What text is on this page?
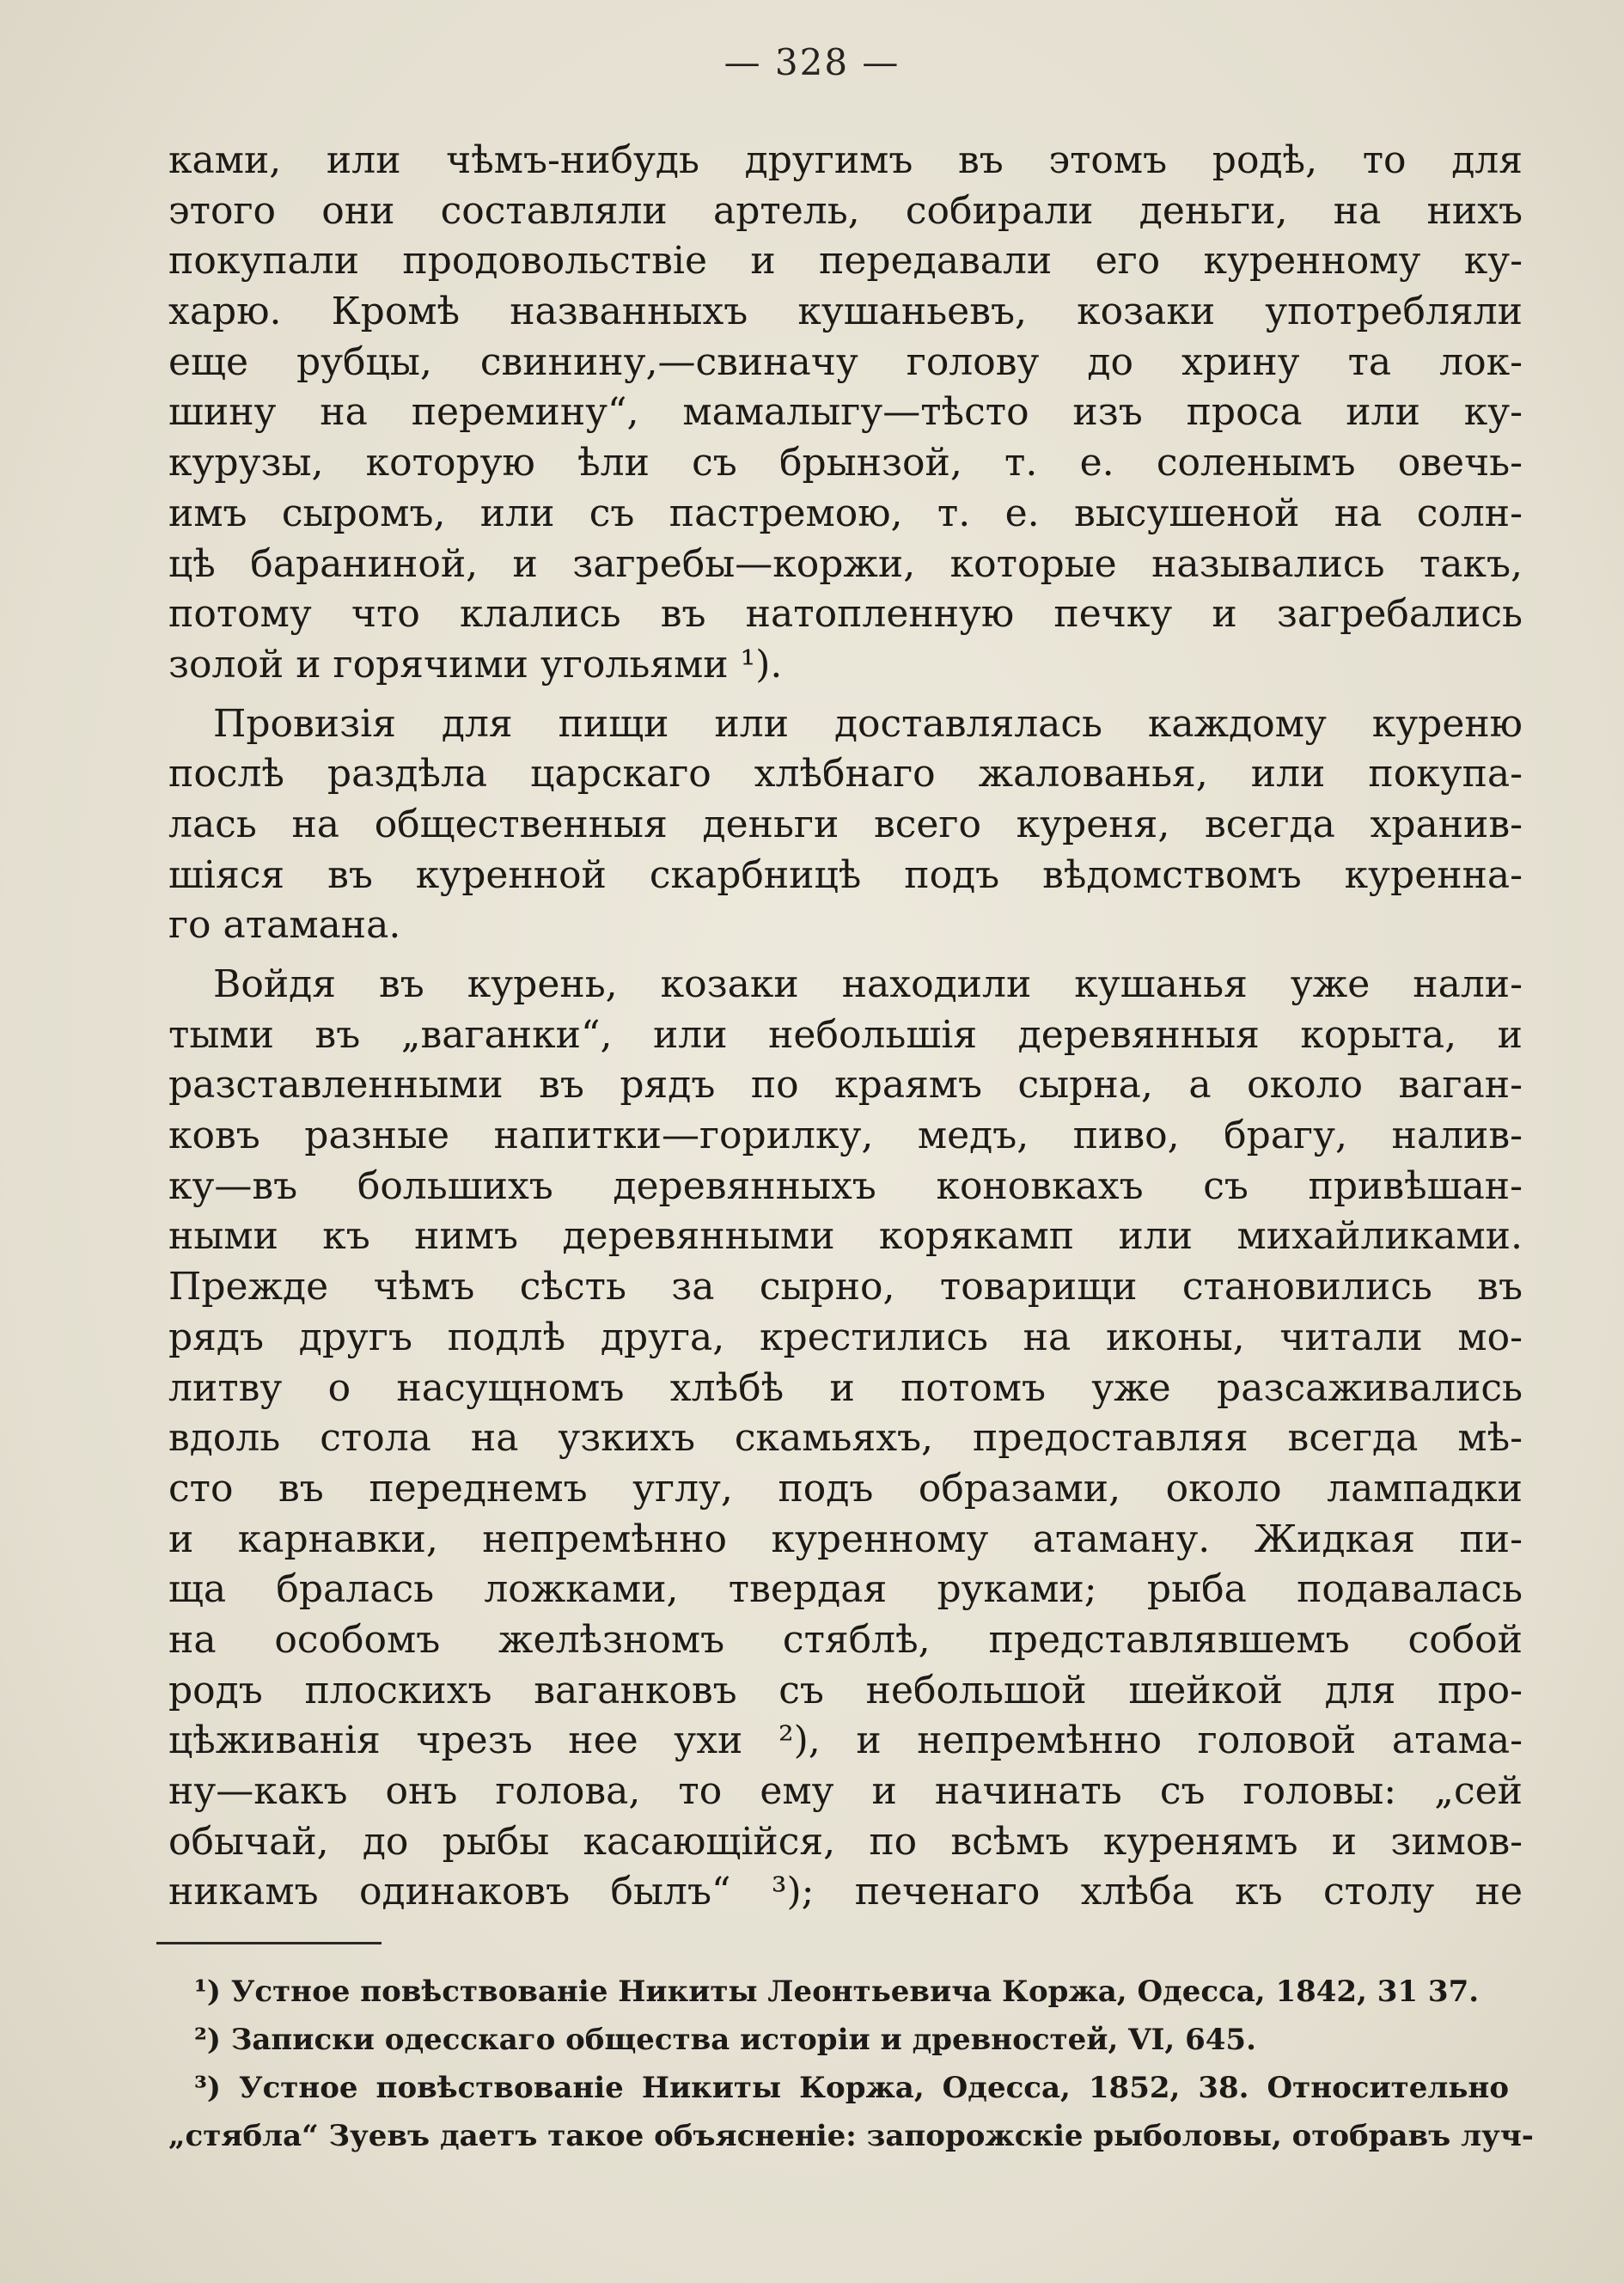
— 328 —
ками, или чѣмъ-нибудь другимъ въ этомъ родѣ, то для
этого они составляли артель, собирали деньги, на нихъ
покупали продовольствіе и передавали его куренному ку-
харю. Кромѣ названныхъ кушаньевъ, козаки употребляли
еще рубцы, свинину,—свиначу голову до хрину та лок-
шину на перемину“, мамалыгу—тѣсто изъ проса или ку-
курузы, которую ѣли съ брынзой, т. е. соленымъ овечь-
имъ сыромъ, или съ пастремою, т. е. высушеной на солн-
цѣ бараниной, и загребы—коржи, которые назывались такъ,
потому что клались въ натопленную печку и загребались
золой и горячими угольями ¹).
Провизія для пищи или доставлялась каждому куреню
послѣ раздѣла царскаго хлѣбнаго жалованья, или покупа-
лась на общественныя деньги всего куреня, всегда хранив-
шіяся въ куренной скарбницѣ подъ вѣдомствомъ куренна-
го атамана.
Войдя въ курень, козаки находили кушанья уже нали-
тыми въ „ваганки“, или небольшія деревянныя корыта, и
разставленными въ рядъ по краямъ сырна, а около ваган-
ковъ разные напитки—горилку, медъ, пиво, брагу, налив-
ку—въ большихъ деревянныхъ коновкахъ съ привѣшан-
ными къ нимъ деревянными корякамп или михайликами.
Прежде чѣмъ сѣсть за сырно, товарищи становились въ
рядъ другъ подлѣ друга, крестились на иконы, читали мо-
литву о насущномъ хлѣбѣ и потомъ уже разсаживались
вдоль стола на узкихъ скамьяхъ, предоставляя всегда мѣ-
сто въ переднемъ углу, подъ образами, около лампадки
и карнавки, непремѣнно куренному атаману. Жидкая пи-
ща бралась ложками, твердая руками; рыба подавалась
на особомъ желѣзномъ стяблѣ, представлявшемъ собой
родъ плоскихъ ваганковъ съ небольшой шейкой для про-
цѣживанія чрезъ нее ухи ²), и непремѣнно головой атама-
ну—какъ онъ голова, то ему и начинать съ головы: „сей
обычай, до рыбы касающійся, по всѣмъ куренямъ и зимов-
никамъ одинаковъ былъ“ ³); печенаго хлѣба къ столу не
¹) Устное повѣствованіе Никиты Леонтьевича Коржа, Одесса, 1842, 31 37.
²) Записки одесскаго общества исторіи и древностей, VI, 645.
³) Устное повѣствованіе Никиты Коржа, Одесса, 1852, 38. Относительно
„стябла“ Зуевъ даетъ такое объясненіе: запорожскіе рыболовы, отобравъ луч-
